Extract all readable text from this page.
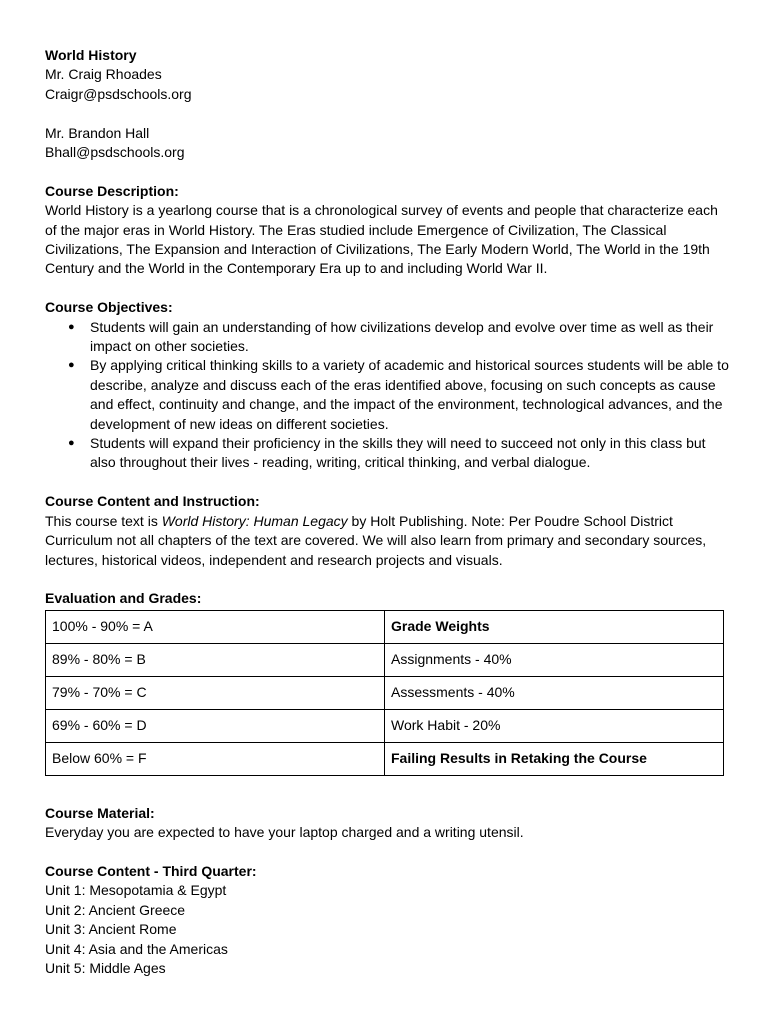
World History
Mr. Craig Rhoades
Craigr@psdschools.org
Mr. Brandon Hall
Bhall@psdschools.org
Course Description:
World History is a yearlong course that is a chronological survey of events and people that characterize each
of the major eras in World History. The Eras studied include Emergence of Civilization, The Classical
Civilizations, The Expansion and Interaction of Civilizations, The Early Modern World, The World in the 19th
Century and the World in the Contemporary Era up to and including World War II.
Course Objectives:
● Students will gain an understanding of how civilizations develop and evolve over time as well as their
impact on other societies.
● By applying critical thinking skills to a variety of academic and historical sources students will be able to
describe, analyze and discuss each of the eras identified above, focusing on such concepts as cause
and effect, continuity and change, and the impact of the environment, technological advances, and the
development of new ideas on different societies.
● Students will expand their proficiency in the skills they will need to succeed not only in this class but
also throughout their lives - reading, writing, critical thinking, and verbal dialogue.
Course Content and Instruction:
This course text is World History: Human Legacy by Holt Publishing. Note: Per Poudre School District
Curriculum not all chapters of the text are covered. We will also learn from primary and secondary sources,
lectures, historical videos, independent and research projects and visuals.
Evaluation and Grades:
100% - 90% = A	Grade Weights
89% - 80% = B	Assignments - 40%
79% - 70% = C	Assessments - 40%
69% - 60% = D	Work Habit - 20%
Below 60% = F	Failing Results in Retaking the Course
Course Material:
Everyday you are expected to have your laptop charged and a writing utensil.
Course Content - Third Quarter:
Unit 1: Mesopotamia & Egypt
Unit 2: Ancient Greece
Unit 3: Ancient Rome
Unit 4: Asia and the Americas
Unit 5: Middle Ages
